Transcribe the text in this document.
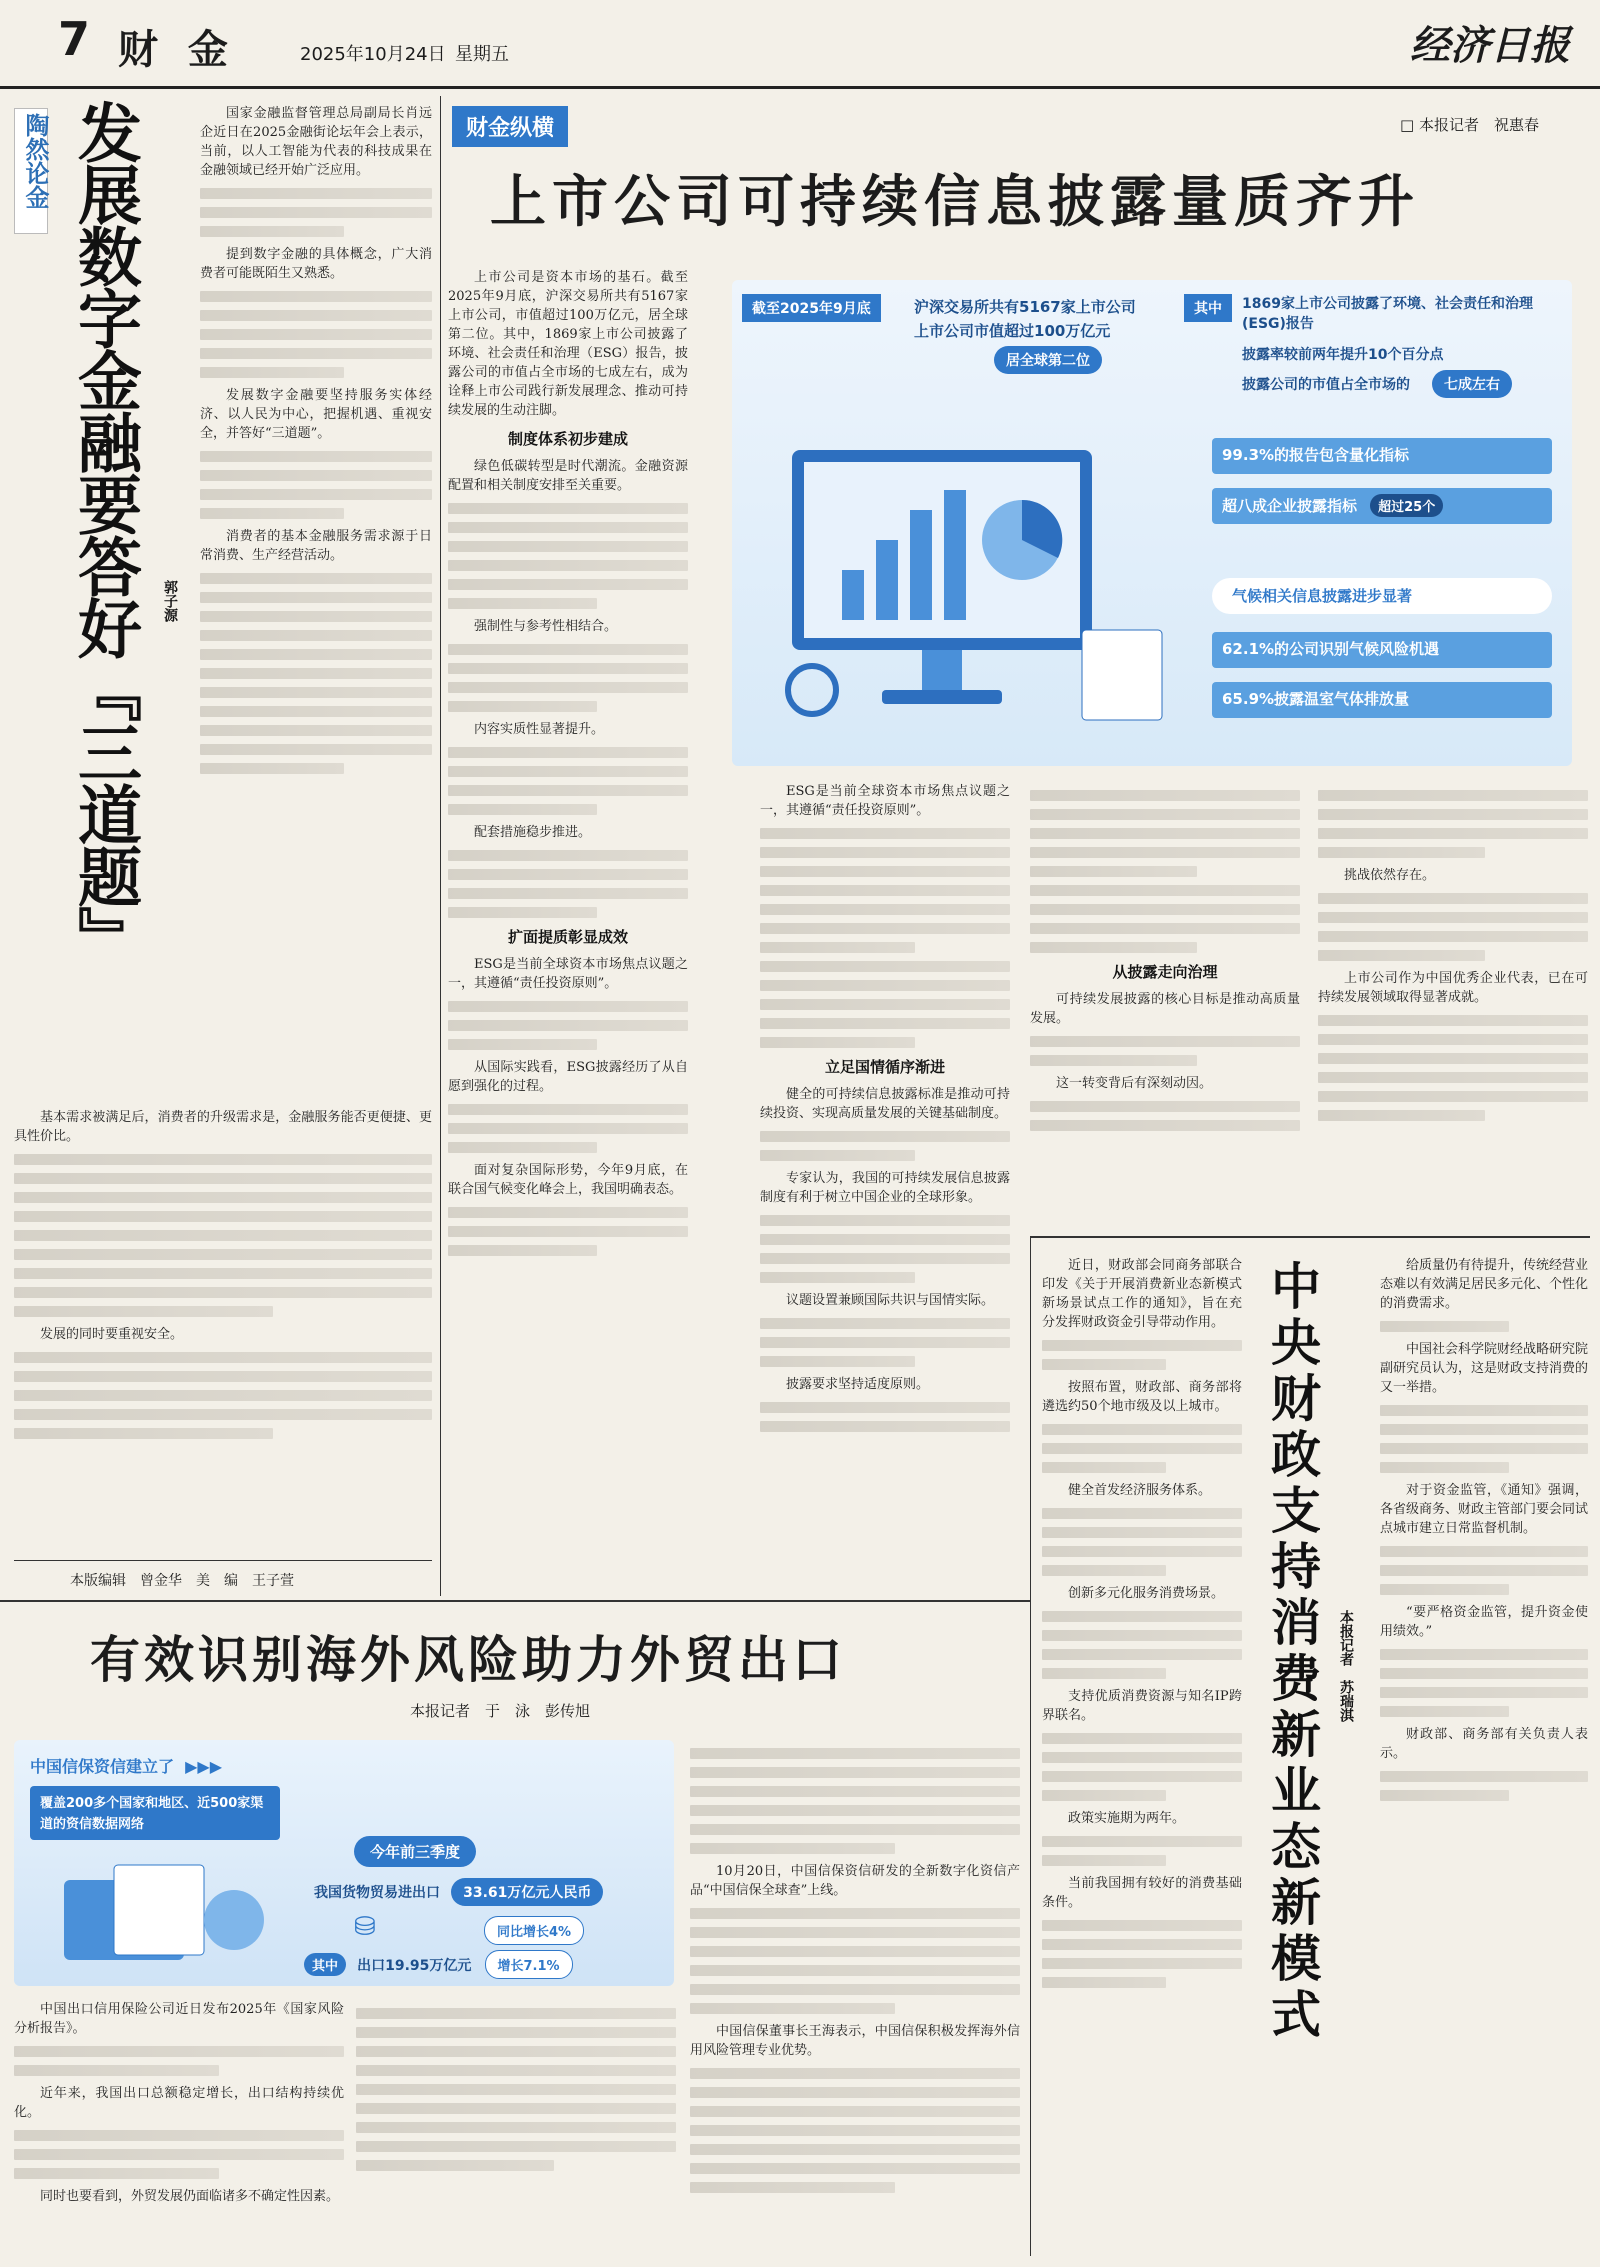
7 财 金	2025年10月24日 星期五	经济日报
陶然论金 发展数字金融要答好『三道题』 郭子源

国家金融监督管理总局副局长肖远企近日在2025金融街论坛年会上表示，当前，以人工智能为代表的科技成果在金融领域已经开始广泛应用。

提到数字金融的具体概念，广大消费者可能既陌生又熟悉。

发展数字金融要坚持服务实体经济、以人民为中心，把握机遇、重视安全，并答好“三道题”。

消费者的基本金融服务需求源于日常消费、生产经营活动。

基本需求被满足后，消费者的升级需求是，金融服务能否更便捷、更具性价比。

发展的同时要重视安全。

本版编辑　曾金华　美　编　王子萱
财金纵横	□ 本报记者　祝惠春
上市公司可持续信息披露量质齐升

上市公司是资本市场的基石。截至2025年9月底，沪深交易所共有5167家上市公司，市值超过100万亿元，居全球第二位。其中，1869家上市公司披露了环境、社会责任和治理（ESG）报告，披露公司的市值占全市场的七成左右，成为诠释上市公司践行新发展理念、推动可持续发展的生动注脚。

制度体系初步建成

绿色低碳转型是时代潮流。金融资源配置和相关制度安排至关重要。

强制性与参考性相结合。

内容实质性显著提升。

配套措施稳步推进。

扩面提质彰显成效

ESG是当前全球资本市场焦点议题之一，其遵循“责任投资原则”。

从国际实践看，ESG披露经历了从自愿到强化的过程。

面对复杂国际形势，今年9月底，在联合国气候变化峰会上，我国明确表态。

截至2025年9月底	沪深交易所共有5167家上市公司
上市公司市值超过100万亿元
居全球第二位
其中	1869家上市公司披露了环境、社会责任和治理(ESG)报告
披露率较前两年提升10个百分点
披露公司的市值占全市场的	七成左右
99.3%的报告包含量化指标
超八成企业披露指标 超过25个
气候相关信息披露进步显著
62.1%的公司识别气候风险机遇
65.9%披露温室气体排放量

ESG是当前全球资本市场焦点议题之一，其遵循“责任投资原则”。

立足国情循序渐进

健全的可持续信息披露标准是推动可持续投资、实现高质量发展的关键基础制度。

专家认为，我国的可持续发展信息披露制度有利于树立中国企业的全球形象。

议题设置兼顾国际共识与国情实际。

披露要求坚持适度原则。

从披露走向治理

可持续发展披露的核心目标是推动高质量发展。

这一转变背后有深刻动因。

挑战依然存在。

上市公司作为中国优秀企业代表，已在可持续发展领域取得显著成就。

近日，财政部会同商务部联合印发《关于开展消费新业态新模式新场景试点工作的通知》，旨在充分发挥财政资金引导带动作用。

按照布置，财政部、商务部将遴选约50个地市级及以上城市。

健全首发经济服务体系。

创新多元化服务消费场景。

支持优质消费资源与知名IP跨界联名。

政策实施期为两年。

当前我国拥有较好的消费基础条件。	中央财政支持消费新业态新模式 本报记者　苏瑞淇

给质量仍有待提升，传统经营业态难以有效满足居民多元化、个性化的消费需求。

中国社会科学院财经战略研究院副研究员认为，这是财政支持消费的又一举措。

对于资金监管，《通知》强调，各省级商务、财政主管部门要会同试点城市建立日常监督机制。

“要严格资金监管，提升资金使用绩效。”

财政部、商务部有关负责人表示。

有效识别海外风险助力外贸出口
本报记者　于　泳　彭传旭
中国信保资信建立了 ▶▶▶
覆盖200多个国家和地区、近500家渠道的资信数据网络
今年前三季度
我国货物贸易进出口 33.61万亿元人民币
⛁	同比增长4%
其中 出口19.95万亿元 增长7.1%

中国出口信用保险公司近日发布2025年《国家风险分析报告》。

近年来，我国出口总额稳定增长，出口结构持续优化。

同时也要看到，外贸发展仍面临诸多不确定性因素。

10月20日，中国信保资信研发的全新数字化资信产品“中国信保全球查”上线。

中国信保董事长王海表示，中国信保积极发挥海外信用风险管理专业优势。
